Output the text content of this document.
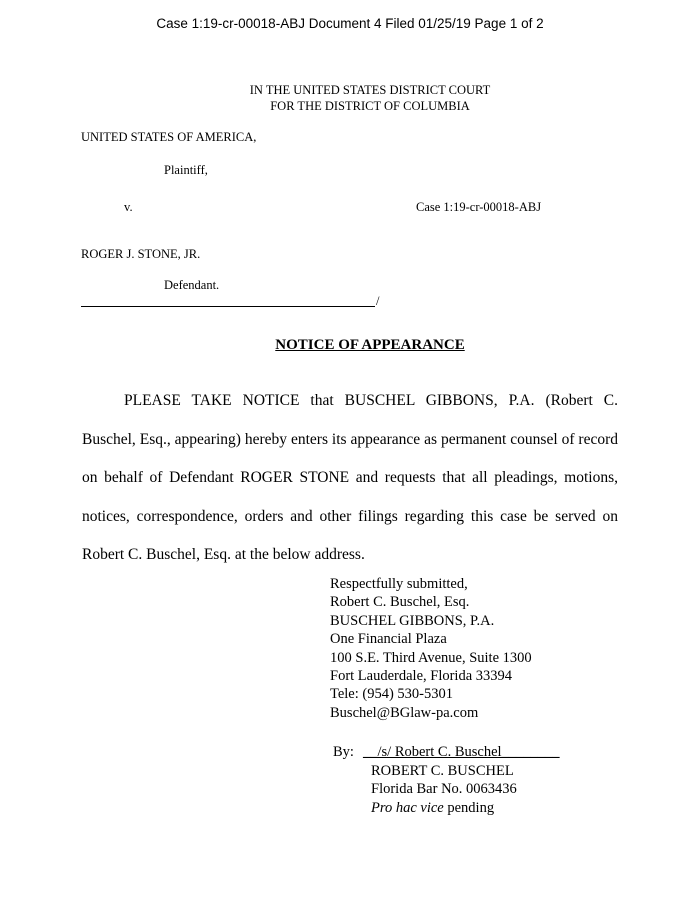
Case 1:19-cr-00018-ABJ Document 4 Filed 01/25/19 Page 1 of 2
IN THE UNITED STATES DISTRICT COURT
FOR THE DISTRICT OF COLUMBIA
UNITED STATES OF AMERICA,
Plaintiff,
v.	Case 1:19-cr-00018-ABJ
ROGER J. STONE, JR.
Defendant.
/
NOTICE OF APPEARANCE
PLEASE TAKE NOTICE that BUSCHEL GIBBONS, P.A. (Robert C. Buschel, Esq., appearing) hereby enters its appearance as permanent counsel of record on behalf of Defendant ROGER STONE and requests that all pleadings, motions, notices, correspondence, orders and other filings regarding this case be served on Robert C. Buschel, Esq. at the below address.
Respectfully submitted,
Robert C. Buschel, Esq.
BUSCHEL GIBBONS, P.A.
One Financial Plaza
100 S.E. Third Avenue, Suite 1300
Fort Lauderdale, Florida 33394
Tele: (954) 530-5301
Buschel@BGlaw-pa.com
By: __/s/ Robert C. Buschel________
ROBERT C. BUSCHEL
Florida Bar No. 0063436
Pro hac vice pending
